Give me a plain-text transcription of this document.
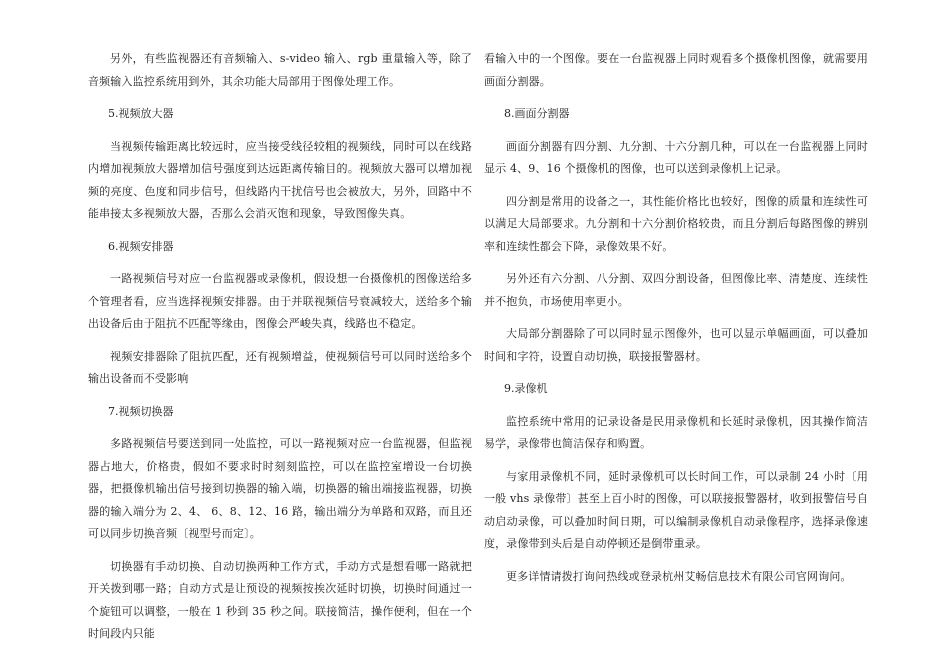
另外，有些监视器还有音频输入、s-video 输入、rgb 重量输入等，除了音频输入监控系统用到外，其余功能大局部用于图像处理工作。

5.视频放大器

当视频传输距离比较远时，应当接受线径较粗的视频线，同时可以在线路内增加视频放大器增加信号强度到达远距离传输目的。视频放大器可以增加视频的亮度、色度和同步信号，但线路内干扰信号也会被放大，另外，回路中不能串接太多视频放大器，否那么会消灭饱和现象，导致图像失真。

6.视频安排器

一路视频信号对应一台监视器或录像机，假设想一台摄像机的图像送给多个管理者看，应当选择视频安排器。由于并联视频信号衰减较大，送给多个输出设备后由于阻抗不匹配等缘由，图像会严峻失真，线路也不稳定。

视频安排器除了阻抗匹配，还有视频增益，使视频信号可以同时送给多个输出设备而不受影响

7.视频切换器

多路视频信号要送到同一处监控，可以一路视频对应一台监视器，但监视器占地大，价格贵，假如不要求时时刻刻监控，可以在监控室增设一台切换器，把摄像机输出信号接到切换器的输入端，切换器的输出端接监视器，切换器的输入端分为 2、4、 6、8、12、16 路，输出端分为单路和双路，而且还可以同步切换音频〔视型号而定〕。

切换器有手动切换、自动切换两种工作方式，手动方式是想看哪一路就把开关拨到哪一路；自动方式是让预设的视频按挨次延时切换，切换时间通过一个旋钮可以调整，一般在 1 秒到 35 秒之间。联接简洁，操作便利，但在一个时间段内只能

看输入中的一个图像。要在一台监视器上同时观看多个摄像机图像，就需要用画面分割器。

8.画面分割器

画面分割器有四分割、九分割、十六分割几种，可以在一台监视器上同时显示 4、9、16 个摄像机的图像，也可以送到录像机上记录。

四分割是常用的设备之一，其性能价格比也较好，图像的质量和连续性可以满足大局部要求。九分割和十六分割价格较贵，而且分割后每路图像的辨别率和连续性都会下降，录像效果不好。

另外还有六分割、八分割、双四分割设备，但图像比率、清楚度、连续性并不抱负，市场使用率更小。

大局部分割器除了可以同时显示图像外，也可以显示单幅画面，可以叠加时间和字符，设置自动切换，联接报警器材。

9.录像机

监控系统中常用的记录设备是民用录像机和长延时录像机，因其操作简洁易学，录像带也简洁保存和购置。

与家用录像机不同，延时录像机可以长时间工作，可以录制 24 小时〔用一般 vhs 录像带〕甚至上百小时的图像，可以联接报警器材，收到报警信号自动启动录像，可以叠加时间日期，可以编制录像机自动录像程序，选择录像速度，录像带到头后是自动停顿还是倒带重录。

更多详情请拨打询问热线或登录杭州艾畅信息技术有限公司官网询问。
